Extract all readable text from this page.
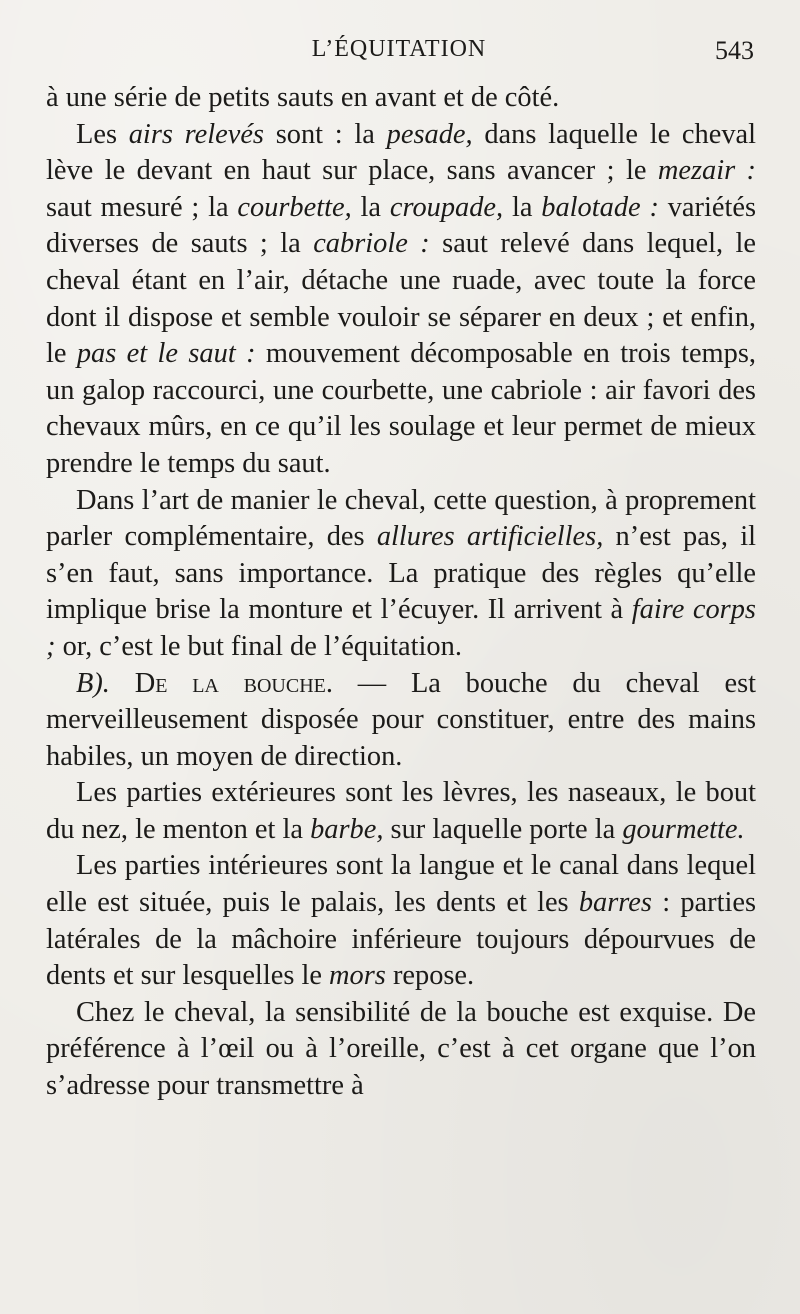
L’ÉQUITATION	543

à une série de petits sauts en avant et de côté.

Les airs relevés sont : la pesade, dans laquelle le cheval lève le devant en haut sur place, sans avancer ; le mezair : saut mesuré ; la courbette, la croupade, la balotade : variétés diverses de sauts ; la cabriole : saut relevé dans lequel, le cheval étant en l’air, détache une ruade, avec toute la force dont il dispose et semble vouloir se séparer en deux ; et enfin, le pas et le saut : mouvement décomposable en trois temps, un galop raccourci, une courbette, une cabriole : air favori des chevaux mûrs, en ce qu’il les soulage et leur permet de mieux prendre le temps du saut.

Dans l’art de manier le cheval, cette question, à proprement parler complémentaire, des allures artificielles, n’est pas, il s’en faut, sans importance. La pratique des règles qu’elle implique brise la monture et l’écuyer. Il arrivent à faire corps ; or, c’est le but final de l’équitation.

B). De la bouche. — La bouche du cheval est merveilleusement disposée pour constituer, entre des mains habiles, un moyen de direction.

Les parties extérieures sont les lèvres, les naseaux, le bout du nez, le menton et la barbe, sur laquelle porte la gourmette.

Les parties intérieures sont la langue et le canal dans lequel elle est située, puis le palais, les dents et les barres : parties latérales de la mâchoire inférieure toujours dépourvues de dents et sur lesquelles le mors repose.

Chez le cheval, la sensibilité de la bouche est exquise. De préférence à l’œil ou à l’oreille, c’est à cet organe que l’on s’adresse pour transmettre à
